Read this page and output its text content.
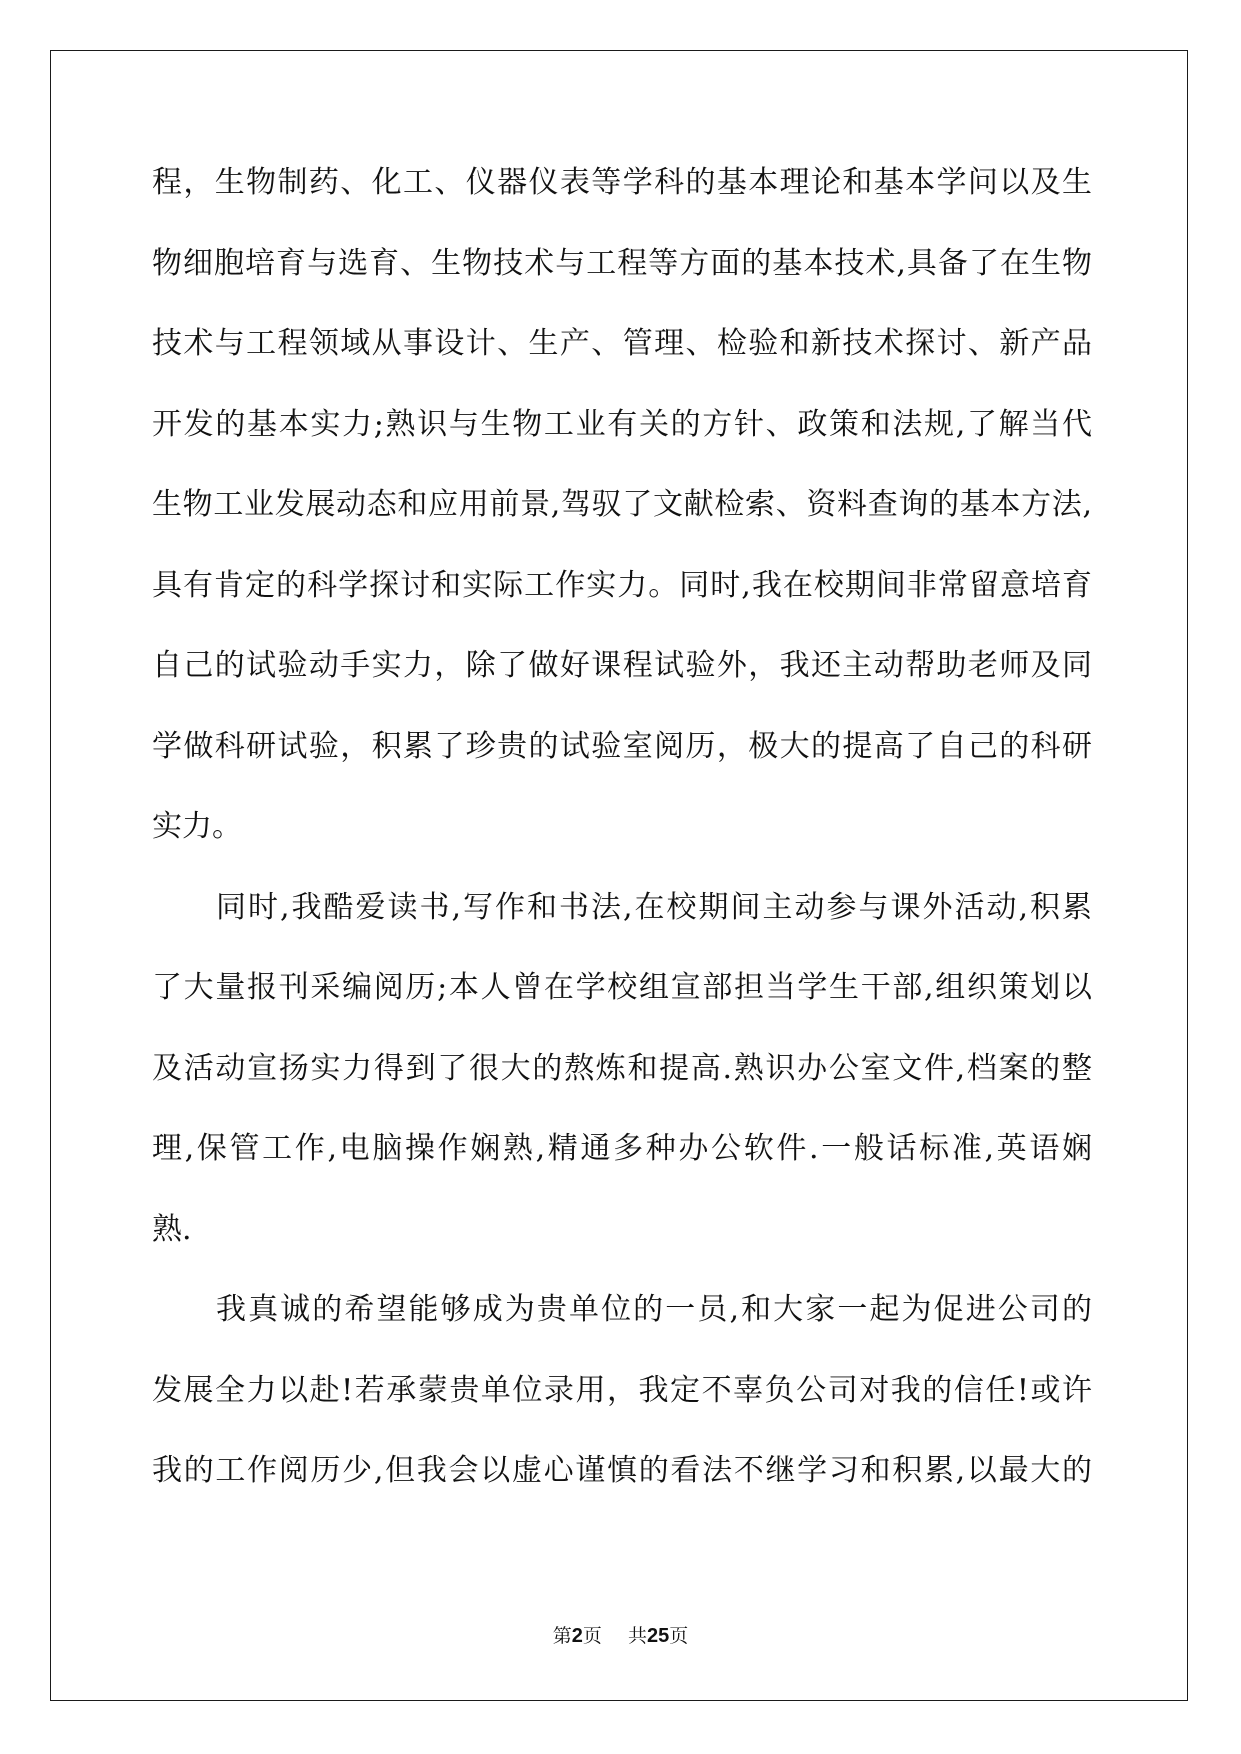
程，生物制药、化工、仪器仪表等学科的基本理论和基本学问以及生
物细胞培育与选育、生物技术与工程等方面的基本技术,具备了在生物
技术与工程领域从事设计、生产、管理、检验和新技术探讨、新产品
开发的基本实力;熟识与生物工业有关的方针、政策和法规,了解当代
生物工业发展动态和应用前景,驾驭了文献检索、资料查询的基本方法,
具有肯定的科学探讨和实际工作实力。同时,我在校期间非常留意培育
自己的试验动手实力，除了做好课程试验外，我还主动帮助老师及同
学做科研试验，积累了珍贵的试验室阅历，极大的提高了自己的科研
实力。
同时,我酷爱读书,写作和书法,在校期间主动参与课外活动,积累
了大量报刊采编阅历;本人曾在学校组宣部担当学生干部,组织策划以
及活动宣扬实力得到了很大的熬炼和提高.熟识办公室文件,档案的整
理,保管工作,电脑操作娴熟,精通多种办公软件.一般话标准,英语娴
熟.
我真诚的希望能够成为贵单位的一员,和大家一起为促进公司的
发展全力以赴!若承蒙贵单位录用，我定不辜负公司对我的信任!或许
我的工作阅历少,但我会以虚心谨慎的看法不继学习和积累,以最大的
第2页 共25页
